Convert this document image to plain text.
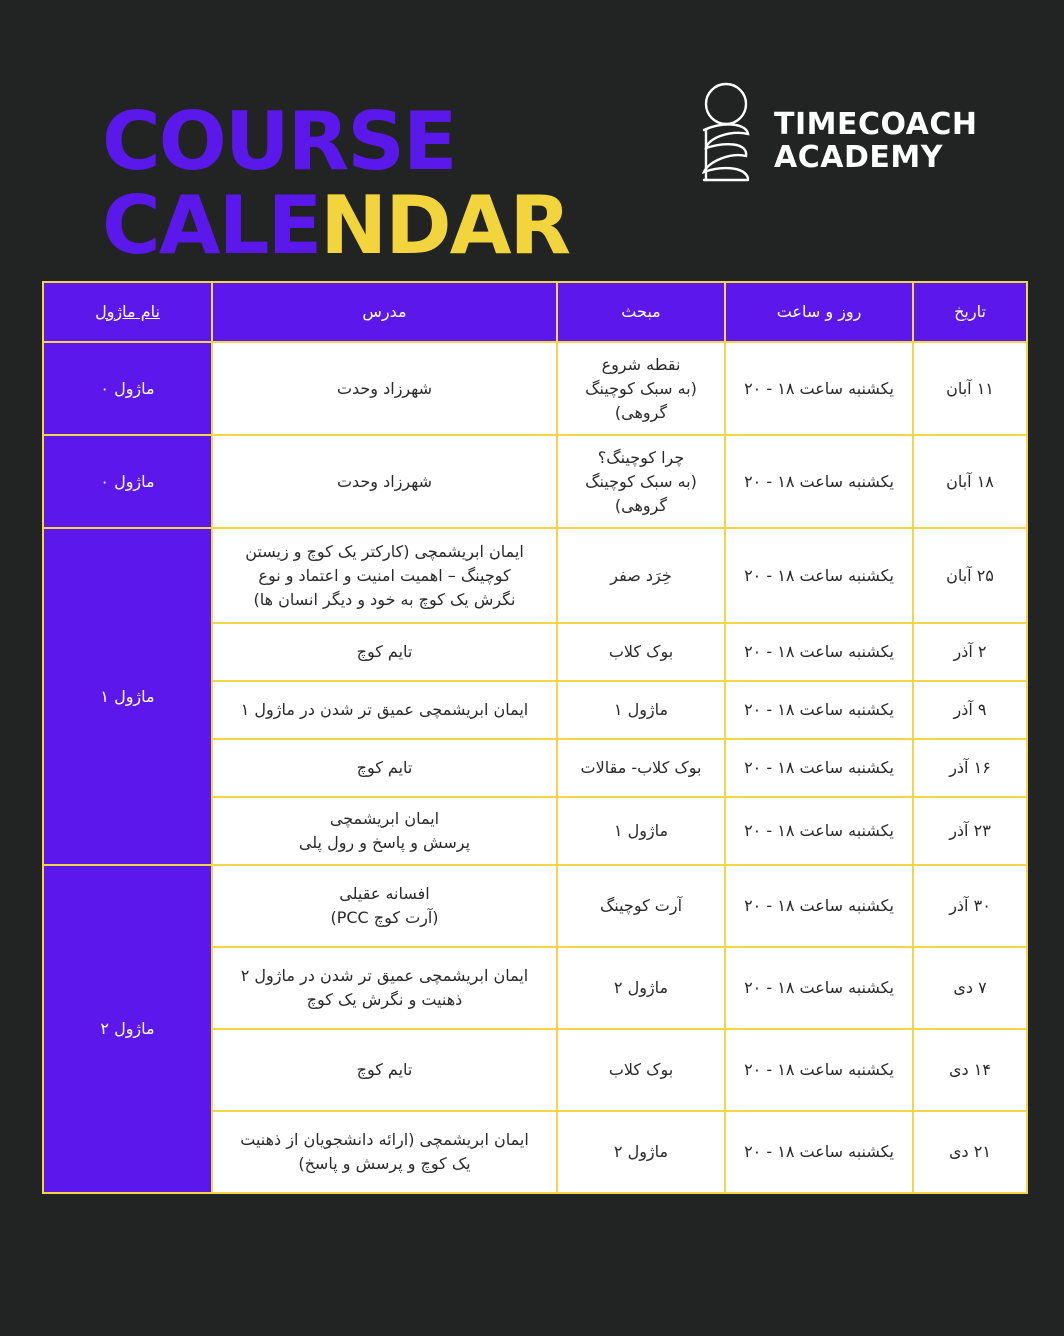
COURSE
CALENDAR
TIMECOACH
ACADEMY
تاریخ	روز و ساعت	مبحث	مدرس	نام ماژول
۱۱ آبان	یکشنبه ساعت ۱۸ - ۲۰	نقطه شروع
(به سبک کوچینگ
گروهی)	شهرزاد وحدت	ماژول ۰
۱۸ آبان	یکشنبه ساعت ۱۸ - ۲۰	چرا کوچینگ؟
(به سبک کوچینگ
گروهی)	شهرزاد وحدت	ماژول ۰
۲۵ آبان	یکشنبه ساعت ۱۸ - ۲۰	خِرَد صفر	ایمان ابریشمچی (کارکتر یک کوچ و زیستن
کوچینگ – اهمیت امنیت و اعتماد و نوع
نگرش یک کوچ به خود و دیگر انسان ها)	ماژول ۱
۲ آذر	یکشنبه ساعت ۱۸ - ۲۰	بوک کلاب	تایم کوچ	

۹ آذر	یکشنبه ساعت ۱۸ - ۲۰	ماژول ۱	ایمان ابریشمچی عمیق تر شدن در ماژول ۱	

۱۶ آذر	یکشنبه ساعت ۱۸ - ۲۰	بوک کلاب- مقالات	تایم کوچ	

۲۳ آذر	یکشنبه ساعت ۱۸ - ۲۰	ماژول ۱	ایمان ابریشمچی
پرسش و پاسخ و رول پلی	

۳۰ آذر	یکشنبه ساعت ۱۸ - ۲۰	آرت کوچینگ	افسانه عقیلی
(آرت کوچ PCC)	ماژول ۲
۷ دی	یکشنبه ساعت ۱۸ - ۲۰	ماژول ۲	ایمان ابریشمچی عمیق تر شدن در ماژول ۲
ذهنیت و نگرش یک کوچ	

۱۴ دی	یکشنبه ساعت ۱۸ - ۲۰	بوک کلاب	تایم کوچ	

۲۱ دی	یکشنبه ساعت ۱۸ - ۲۰	ماژول ۲	ایمان ابریشمچی (ارائه دانشجویان از ذهنیت
یک کوچ و پرسش و پاسخ)	
